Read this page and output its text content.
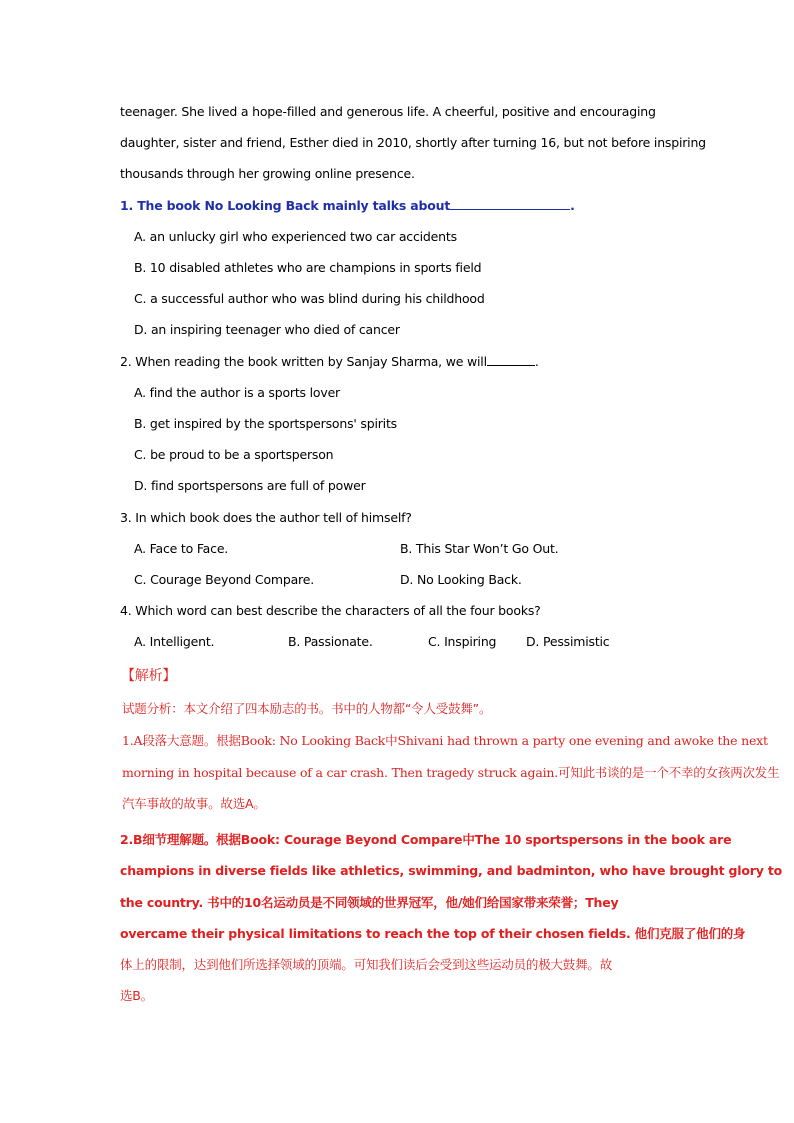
teenager. She lived a hope-filled and generous life. A cheerful, positive and encouraging
daughter, sister and friend, Esther died in 2010, shortly after turning 16, but not before inspiring
thousands through her growing online presence.
1. The book No Looking Back mainly talks about	.
A. an unlucky girl who experienced two car accidents
B. 10 disabled athletes who are champions in sports field
C. a successful author who was blind during his childhood
D. an inspiring teenager who died of cancer
2. When reading the book written by Sanjay Sharma, we will	.
A. find the author is a sports lover
B. get inspired by the sportspersons' spirits
C. be proud to be a sportsperson
D. find sportspersons are full of power
3. In which book does the author tell of himself?
A. Face to Face.	B. This Star Won’t Go Out.
C. Courage Beyond Compare.	D. No Looking Back.
4. Which word can best describe the characters of all the four books?
A. Intelligent.	B. Passionate.	C. Inspiring D. Pessimistic
【解析】
试题分析：本文介绍了四本励志的书。书中的人物都“令人受鼓舞”。
1.A段落大意题。根据Book: No Looking Back中Shivani had thrown a party one evening and awoke the next
morning in hospital because of a car crash. Then tragedy struck again.可知此书谈的是一个不幸的女孩两次发生
汽车事故的故事。故选A。
2.B细节理解题。根据Book: Courage Beyond Compare中The 10 sportspersons in the book are
champions in diverse fields like athletics, swimming, and badminton, who have brought glory to
the country. 书中的10名运动员是不同领域的世界冠军，他/她们给国家带来荣誉；They
overcame their physical limitations to reach the top of their chosen fields. 他们克服了他们的身
体上的限制，达到他们所选择领域的顶端。可知我们读后会受到这些运动员的极大鼓舞。故
选B。
